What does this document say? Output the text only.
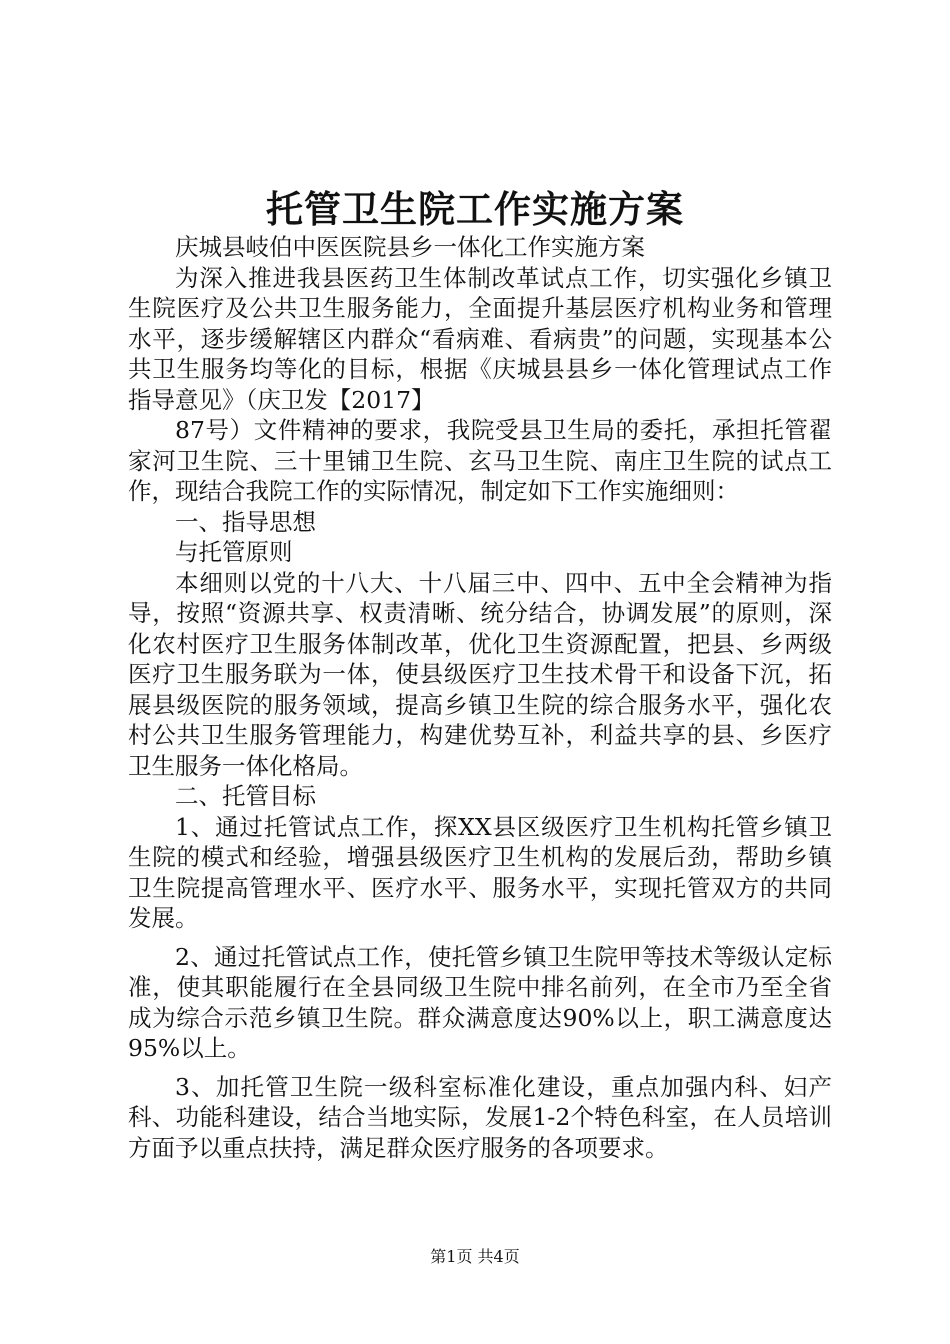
托管卫生院工作实施方案

庆城县岐伯中医医院县乡一体化工作实施方案

为深入推进我县医药卫生体制改革试点工作，切实强化乡镇卫生院医疗及公共卫生服务能力，全面提升基层医疗机构业务和管理水平，逐步缓解辖区内群众“看病难、看病贵”的问题，实现基本公共卫生服务均等化的目标，根据《庆城县县乡一体化管理试点工作指导意见》（庆卫发【2017】

87号）文件精神的要求，我院受县卫生局的委托，承担托管翟家河卫生院、三十里铺卫生院、玄马卫生院、南庄卫生院的试点工作，现结合我院工作的实际情况，制定如下工作实施细则：

一、指导思想

与托管原则

本细则以党的十八大、十八届三中、四中、五中全会精神为指导，按照“资源共享、权责清晰、统分结合，协调发展”的原则，深化农村医疗卫生服务体制改革，优化卫生资源配置，把县、乡两级医疗卫生服务联为一体，使县级医疗卫生技术骨干和设备下沉，拓展县级医院的服务领域，提高乡镇卫生院的综合服务水平，强化农村公共卫生服务管理能力，构建优势互补，利益共享的县、乡医疗卫生服务一体化格局。

二、托管目标

1、通过托管试点工作，探XX县区级医疗卫生机构托管乡镇卫生院的模式和经验，增强县级医疗卫生机构的发展后劲，帮助乡镇卫生院提高管理水平、医疗水平、服务水平，实现托管双方的共同发展。

2、通过托管试点工作，使托管乡镇卫生院甲等技术等级认定标准，使其职能履行在全县同级卫生院中排名前列，在全市乃至全省成为综合示范乡镇卫生院。群众满意度达90%以上，职工满意度达95%以上。

3、加托管卫生院一级科室标准化建设，重点加强内科、妇产科、功能科建设，结合当地实际，发展1-2个特色科室，在人员培训方面予以重点扶持，满足群众医疗服务的各项要求。

第1页 共4页
